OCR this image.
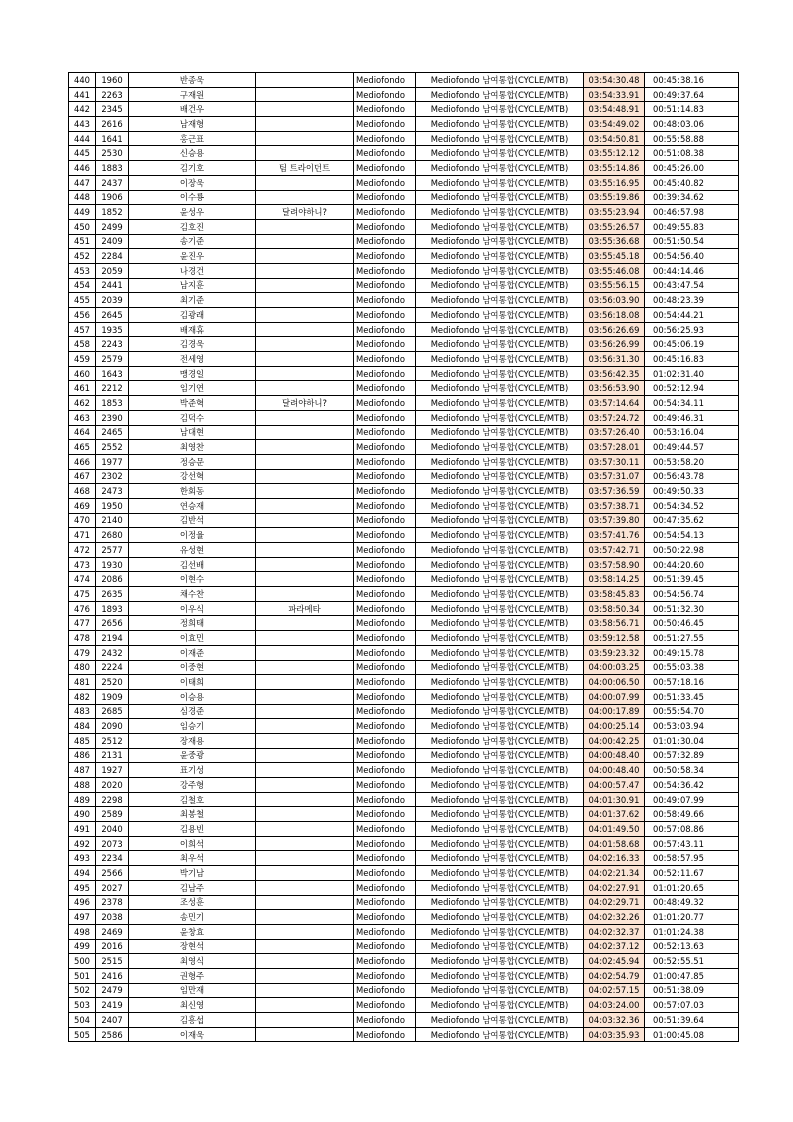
440	1960	반종욱		Mediofondo	Mediofondo 남여통합(CYCLE/MTB)	03:54:30.48	00:45:38.16
441	2263	구재원		Mediofondo	Mediofondo 남여통합(CYCLE/MTB)	03:54:33.91	00:49:37.64
442	2345	배건우		Mediofondo	Mediofondo 남여통합(CYCLE/MTB)	03:54:48.91	00:51:14.83
443	2616	남재형		Mediofondo	Mediofondo 남여통합(CYCLE/MTB)	03:54:49.02	00:48:03.06
444	1641	홍근표		Mediofondo	Mediofondo 남여통합(CYCLE/MTB)	03:54:50.81	00:55:58.88
445	2530	신승용		Mediofondo	Mediofondo 남여통합(CYCLE/MTB)	03:55:12.12	00:51:08.38
446	1883	김기호	팀 트라이던트	Mediofondo	Mediofondo 남여통합(CYCLE/MTB)	03:55:14.86	00:45:26.00
447	2437	이장욱		Mediofondo	Mediofondo 남여통합(CYCLE/MTB)	03:55:16.95	00:45:40.82
448	1906	이수룡		Mediofondo	Mediofondo 남여통합(CYCLE/MTB)	03:55:19.86	00:39:34.62
449	1852	윤성우	달려야하니?	Mediofondo	Mediofondo 남여통합(CYCLE/MTB)	03:55:23.94	00:46:57.98
450	2499	김호진		Mediofondo	Mediofondo 남여통합(CYCLE/MTB)	03:55:26.57	00:49:55.83
451	2409	송기준		Mediofondo	Mediofondo 남여통합(CYCLE/MTB)	03:55:36.68	00:51:50.54
452	2284	윤진우		Mediofondo	Mediofondo 남여통합(CYCLE/MTB)	03:55:45.18	00:54:56.40
453	2059	나경건		Mediofondo	Mediofondo 남여통합(CYCLE/MTB)	03:55:46.08	00:44:14.46
454	2441	남지훈		Mediofondo	Mediofondo 남여통합(CYCLE/MTB)	03:55:56.15	00:43:47.54
455	2039	최기준		Mediofondo	Mediofondo 남여통합(CYCLE/MTB)	03:56:03.90	00:48:23.39
456	2645	김광래		Mediofondo	Mediofondo 남여통합(CYCLE/MTB)	03:56:18.08	00:54:44.21
457	1935	배재휴		Mediofondo	Mediofondo 남여통합(CYCLE/MTB)	03:56:26.69	00:56:25.93
458	2243	김경욱		Mediofondo	Mediofondo 남여통합(CYCLE/MTB)	03:56:26.99	00:45:06.19
459	2579	전세영		Mediofondo	Mediofondo 남여통합(CYCLE/MTB)	03:56:31.30	00:45:16.83
460	1643	맹경일		Mediofondo	Mediofondo 남여통합(CYCLE/MTB)	03:56:42.35	01:02:31.40
461	2212	임기연		Mediofondo	Mediofondo 남여통합(CYCLE/MTB)	03:56:53.90	00:52:12.94
462	1853	박준혁	달려야하니?	Mediofondo	Mediofondo 남여통합(CYCLE/MTB)	03:57:14.64	00:54:34.11
463	2390	김덕수		Mediofondo	Mediofondo 남여통합(CYCLE/MTB)	03:57:24.72	00:49:46.31
464	2465	남대현		Mediofondo	Mediofondo 남여통합(CYCLE/MTB)	03:57:26.40	00:53:16.04
465	2552	최영찬		Mediofondo	Mediofondo 남여통합(CYCLE/MTB)	03:57:28.01	00:49:44.57
466	1977	정승문		Mediofondo	Mediofondo 남여통합(CYCLE/MTB)	03:57:30.11	00:53:58.20
467	2302	강선혁		Mediofondo	Mediofondo 남여통합(CYCLE/MTB)	03:57:31.07	00:56:43.78
468	2473	한회동		Mediofondo	Mediofondo 남여통합(CYCLE/MTB)	03:57:36.59	00:49:50.33
469	1950	연승재		Mediofondo	Mediofondo 남여통합(CYCLE/MTB)	03:57:38.71	00:54:34.52
470	2140	김반석		Mediofondo	Mediofondo 남여통합(CYCLE/MTB)	03:57:39.80	00:47:35.62
471	2680	이정율		Mediofondo	Mediofondo 남여통합(CYCLE/MTB)	03:57:41.76	00:54:54.13
472	2577	유성현		Mediofondo	Mediofondo 남여통합(CYCLE/MTB)	03:57:42.71	00:50:22.98
473	1930	김선배		Mediofondo	Mediofondo 남여통합(CYCLE/MTB)	03:57:58.90	00:44:20.60
474	2086	이현수		Mediofondo	Mediofondo 남여통합(CYCLE/MTB)	03:58:14.25	00:51:39.45
475	2635	채수찬		Mediofondo	Mediofondo 남여통합(CYCLE/MTB)	03:58:45.83	00:54:56.74
476	1893	이우식	파라메타	Mediofondo	Mediofondo 남여통합(CYCLE/MTB)	03:58:50.34	00:51:32.30
477	2656	정희태		Mediofondo	Mediofondo 남여통합(CYCLE/MTB)	03:58:56.71	00:50:46.45
478	2194	이효민		Mediofondo	Mediofondo 남여통합(CYCLE/MTB)	03:59:12.58	00:51:27.55
479	2432	이재준		Mediofondo	Mediofondo 남여통합(CYCLE/MTB)	03:59:23.32	00:49:15.78
480	2224	이중현		Mediofondo	Mediofondo 남여통합(CYCLE/MTB)	04:00:03.25	00:55:03.38
481	2520	이태희		Mediofondo	Mediofondo 남여통합(CYCLE/MTB)	04:00:06.50	00:57:18.16
482	1909	이승용		Mediofondo	Mediofondo 남여통합(CYCLE/MTB)	04:00:07.99	00:51:33.45
483	2685	심경준		Mediofondo	Mediofondo 남여통합(CYCLE/MTB)	04:00:17.89	00:55:54.70
484	2090	임승기		Mediofondo	Mediofondo 남여통합(CYCLE/MTB)	04:00:25.14	00:53:03.94
485	2512	장재용		Mediofondo	Mediofondo 남여통합(CYCLE/MTB)	04:00:42.25	01:01:30.04
486	2131	윤중광		Mediofondo	Mediofondo 남여통합(CYCLE/MTB)	04:00:48.40	00:57:32.89
487	1927	표기성		Mediofondo	Mediofondo 남여통합(CYCLE/MTB)	04:00:48.40	00:50:58.34
488	2020	강주형		Mediofondo	Mediofondo 남여통합(CYCLE/MTB)	04:00:57.47	00:54:36.42
489	2298	김철호		Mediofondo	Mediofondo 남여통합(CYCLE/MTB)	04:01:30.91	00:49:07.99
490	2589	최봉철		Mediofondo	Mediofondo 남여통합(CYCLE/MTB)	04:01:37.62	00:58:49.66
491	2040	김용빈		Mediofondo	Mediofondo 남여통합(CYCLE/MTB)	04:01:49.50	00:57:08.86
492	2073	이희석		Mediofondo	Mediofondo 남여통합(CYCLE/MTB)	04:01:58.68	00:57:43.11
493	2234	최우석		Mediofondo	Mediofondo 남여통합(CYCLE/MTB)	04:02:16.33	00:58:57.95
494	2566	박기남		Mediofondo	Mediofondo 남여통합(CYCLE/MTB)	04:02:21.34	00:52:11.67
495	2027	김남주		Mediofondo	Mediofondo 남여통합(CYCLE/MTB)	04:02:27.91	01:01:20.65
496	2378	조성훈		Mediofondo	Mediofondo 남여통합(CYCLE/MTB)	04:02:29.71	00:48:49.32
497	2038	송민기		Mediofondo	Mediofondo 남여통합(CYCLE/MTB)	04:02:32.26	01:01:20.77
498	2469	윤창효		Mediofondo	Mediofondo 남여통합(CYCLE/MTB)	04:02:32.37	01:01:24.38
499	2016	장현석		Mediofondo	Mediofondo 남여통합(CYCLE/MTB)	04:02:37.12	00:52:13.63
500	2515	최영식		Mediofondo	Mediofondo 남여통합(CYCLE/MTB)	04:02:45.94	00:52:55.51
501	2416	권형주		Mediofondo	Mediofondo 남여통합(CYCLE/MTB)	04:02:54.79	01:00:47.85
502	2479	임만재		Mediofondo	Mediofondo 남여통합(CYCLE/MTB)	04:02:57.15	00:51:38.09
503	2419	최신영		Mediofondo	Mediofondo 남여통합(CYCLE/MTB)	04:03:24.00	00:57:07.03
504	2407	김흥섭		Mediofondo	Mediofondo 남여통합(CYCLE/MTB)	04:03:32.36	00:51:39.64
505	2586	이재욱		Mediofondo	Mediofondo 남여통합(CYCLE/MTB)	04:03:35.93	01:00:45.08
